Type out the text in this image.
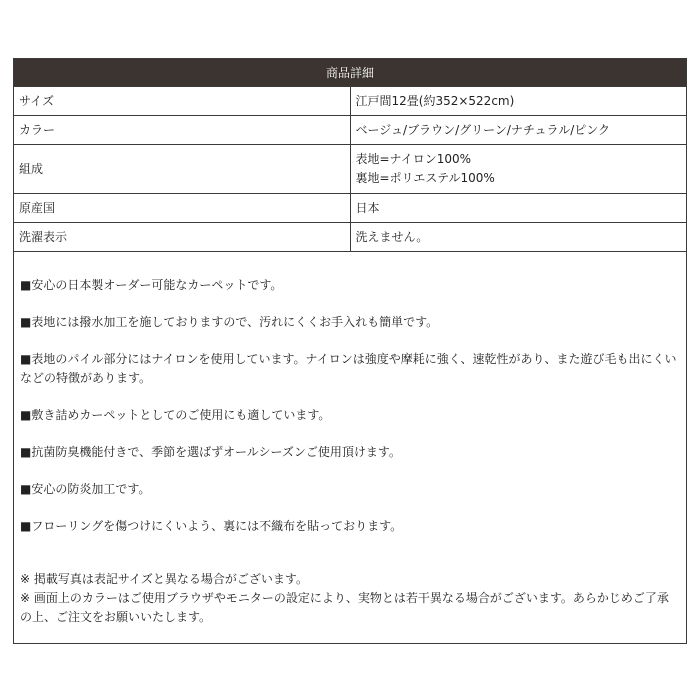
商品詳細	
サイズ	江戸間12畳(約352×522cm)
カラー	ベージュ/ブラウン/グリーン/ナチュラル/ピンク
組成	表地=ナイロン100%
裏地=ポリエステル100%

原産国	日本
洗濯表示	洗えません。

■安心の日本製オーダー可能なカーペットです。

■表地には撥水加工を施しておりますので、汚れにくくお手入れも簡単です。

■表地のパイル部分にはナイロンを使用しています。ナイロンは強度や摩耗に強く、速乾性があり、また遊び毛も出にくいなどの特徴があります。

■敷き詰めカーペットとしてのご使用にも適しています。

■抗菌防臭機能付きで、季節を選ばずオールシーズンご使用頂けます。

■安心の防炎加工です。

■フローリングを傷つけにくいよう、裏には不織布を貼っております。

※ 掲載写真は表記サイズと異なる場合がございます。

※ 画面上のカラーはご使用ブラウザやモニターの設定により、実物とは若干異なる場合がございます。あらかじめご了承の上、ご注文をお願いいたします。
